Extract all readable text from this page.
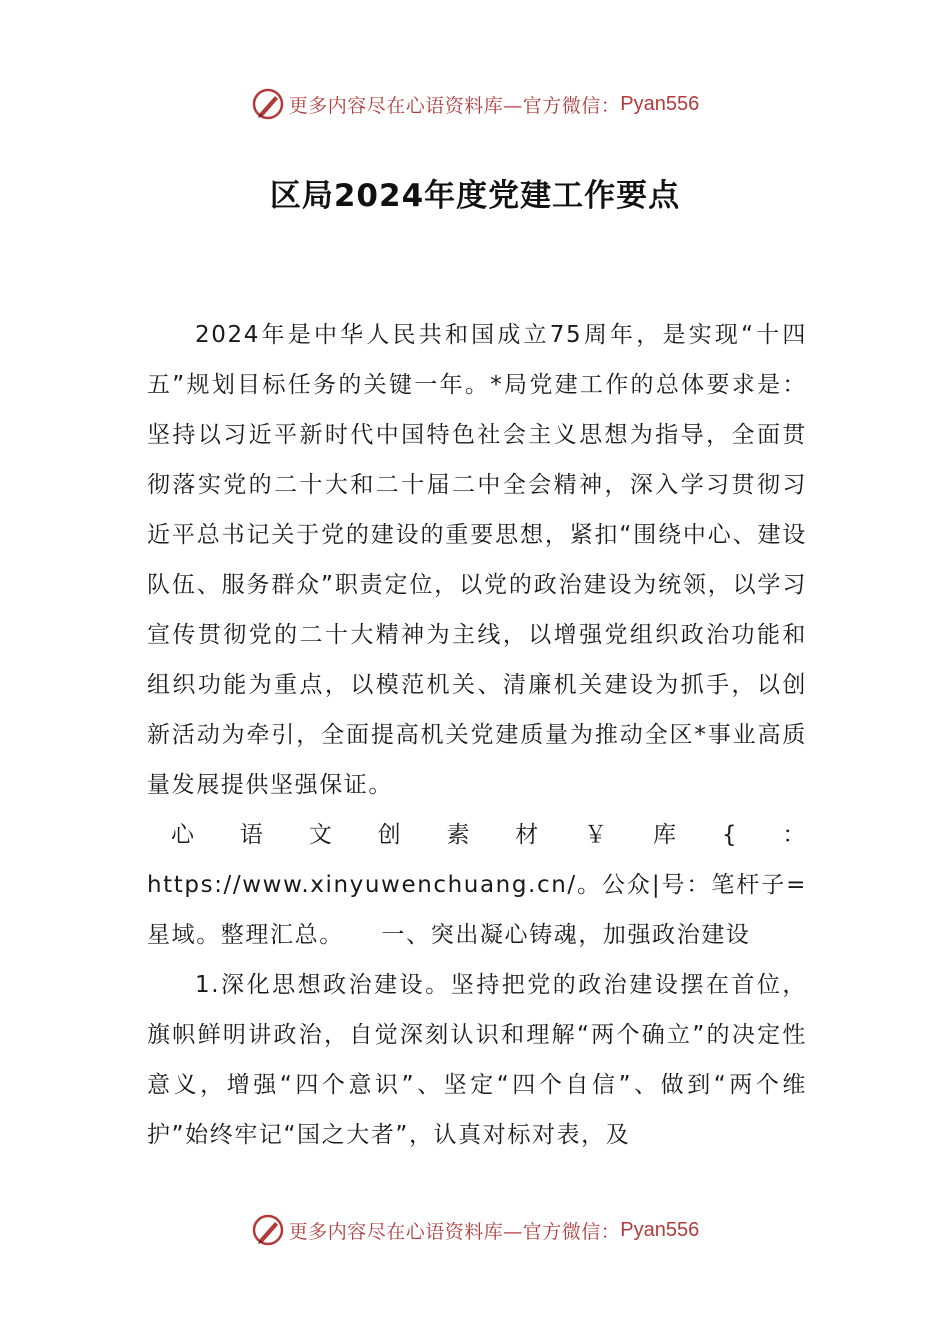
更多内容尽在心语资料库—官方微信： Pyan556
区局2024年度党建工作要点

2024年是中华人民共和国成立75周年，是实现“十四五”规划目标任务的关键一年。*局党建工作的总体要求是：坚持以习近平新时代中国特色社会主义思想为指导，全面贯彻落实党的二十大和二十届二中全会精神，深入学习贯彻习近平总书记关于党的建设的重要思想，紧扣“围绕中心、建设队伍、服务群众”职责定位，以党的政治建设为统领，以学习宣传贯彻党的二十大精神为主线，以增强党组织政治功能和组织功能为重点，以模范机关、清廉机关建设为抓手，以创新活动为牵引，全面提高机关党建质量为推动全区*事业高质量发展提供坚强保证。

心语文创素材￥库{：https://www.xinyuwenchuang.cn/。公众|号：笔杆子=星域。整理汇总。　　 一、突出凝心铸魂，加强政治建设

1.深化思想政治建设。坚持把党的政治建设摆在首位，旗帜鲜明讲政治，自觉深刻认识和理解“两个确立”的决定性意义，增强“四个意识”、坚定“四个自信”、做到“两个维护”始终牢记“国之大者”，认真对标对表，及

更多内容尽在心语资料库—官方微信： Pyan556
